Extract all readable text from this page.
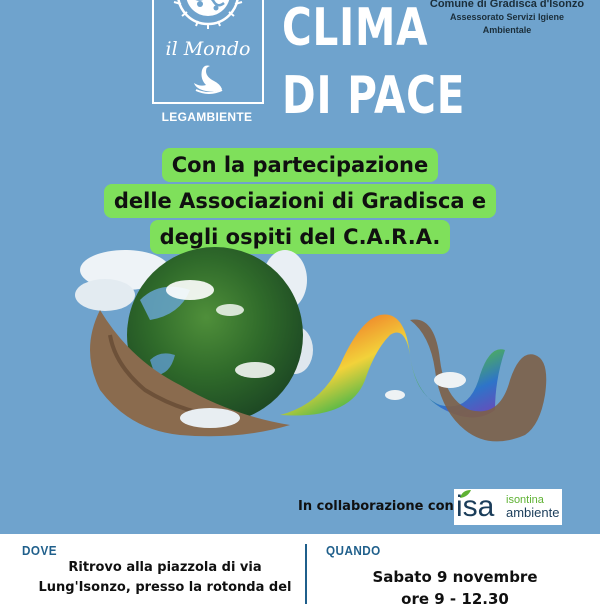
il Mondo
LEGAMBIENTE
CLIMA
DI PACE
Comune di Gradisca d'Isonzo
Assessorato Servizi Igiene
Ambientale
Con la partecipazione
delle Associazioni di Gradisca e
degli ospiti del C.A.R.A.
In collaborazione con isa isontina
ambiente
DOVE
Ritrovo alla piazzola di via
Lung'Isonzo, presso la rotonda del
QUANDO
Sabato 9 novembre
ore 9 - 12.30
